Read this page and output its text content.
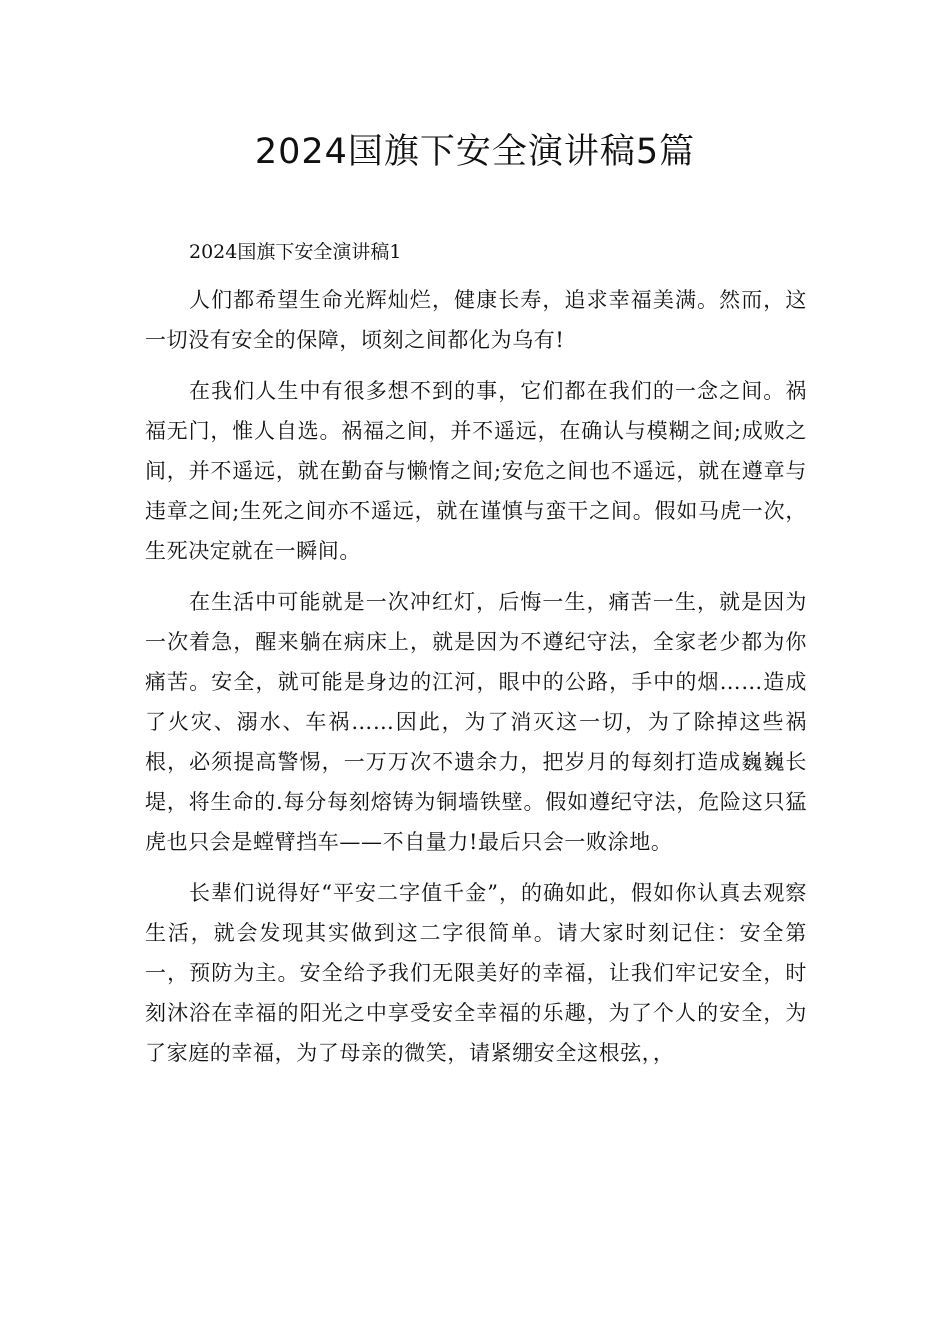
2024国旗下安全演讲稿5篇

2024国旗下安全演讲稿1

人们都希望生命光辉灿烂，健康长寿，追求幸福美满。然而，这一切没有安全的保障，顷刻之间都化为乌有!

在我们人生中有很多想不到的事，它们都在我们的一念之间。祸福无门，惟人自选。祸福之间，并不遥远，在确认与模糊之间;成败之间，并不遥远，就在勤奋与懒惰之间;安危之间也不遥远，就在遵章与违章之间;生死之间亦不遥远，就在谨慎与蛮干之间。假如马虎一次，生死决定就在一瞬间。

在生活中可能就是一次冲红灯，后悔一生，痛苦一生，就是因为一次着急，醒来躺在病床上，就是因为不遵纪守法，全家老少都为你痛苦。安全，就可能是身边的江河，眼中的公路，手中的烟……造成了火灾、溺水、车祸……因此，为了消灭这一切，为了除掉这些祸根，必须提高警惕，一万万次不遗余力，把岁月的每刻打造成巍巍长堤，将生命的.每分每刻熔铸为铜墙铁壁。假如遵纪守法，危险这只猛虎也只会是螳臂挡车——不自量力!最后只会一败涂地。

长辈们说得好“平安二字值千金”，的确如此，假如你认真去观察生活，就会发现其实做到这二字很简单。请大家时刻记住：安全第一，预防为主。安全给予我们无限美好的幸福，让我们牢记安全，时刻沐浴在幸福的阳光之中享受安全幸福的乐趣，为了个人的安全，为了家庭的幸福，为了母亲的微笑，请紧绷安全这根弦，，
